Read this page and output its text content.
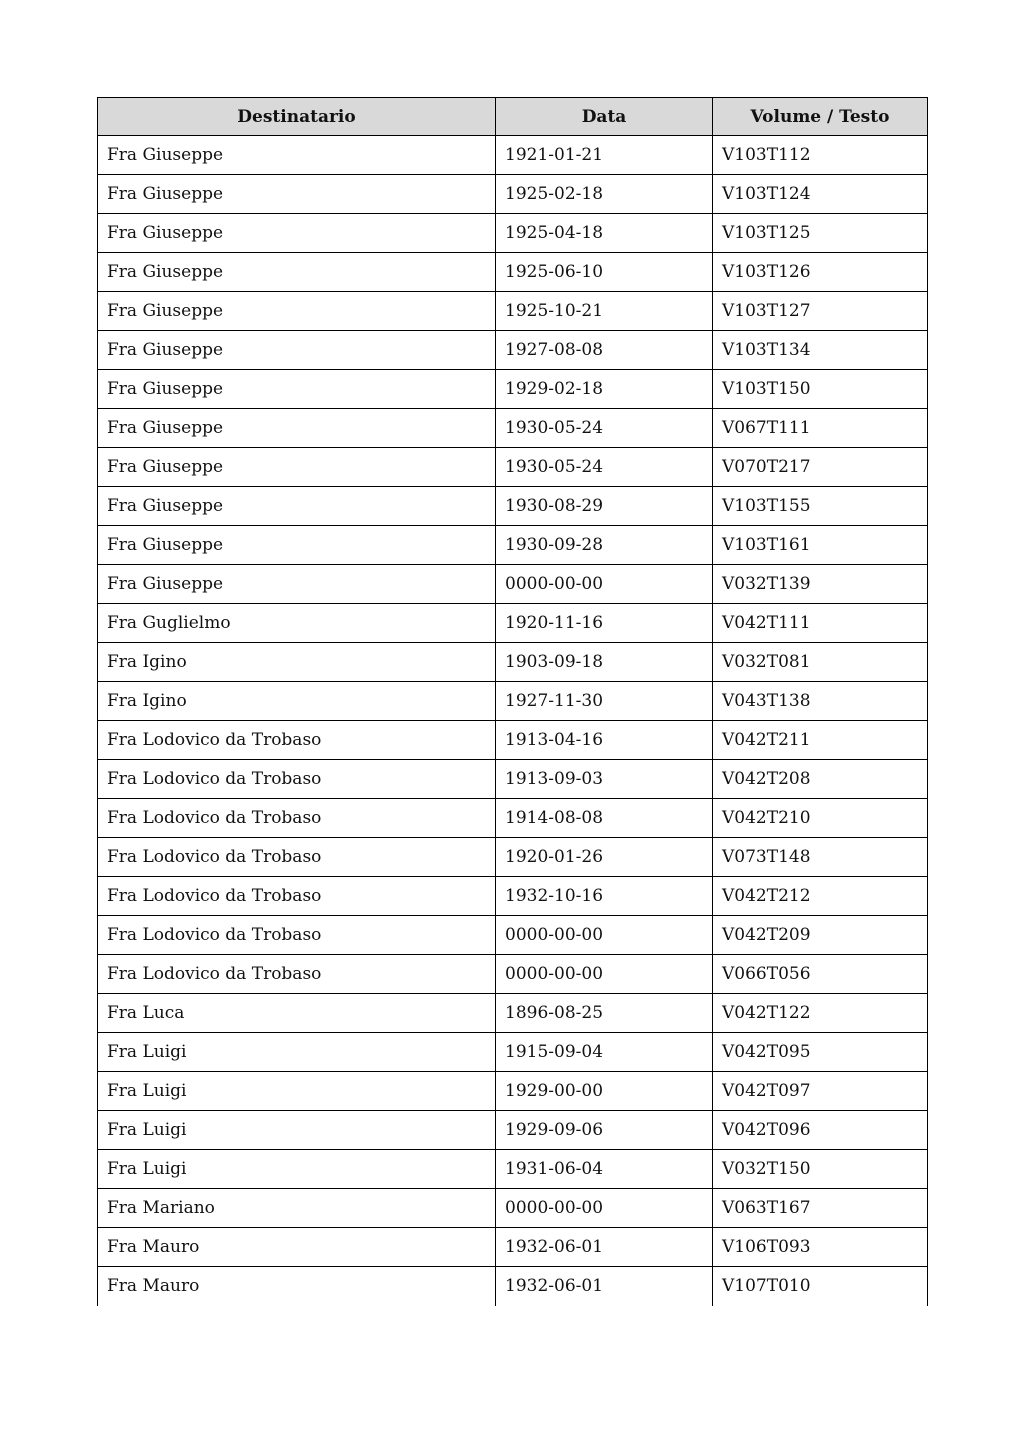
Destinatario	Data	Volume / Testo
Fra Giuseppe	1921-01-21	V103T112
Fra Giuseppe	1925-02-18	V103T124
Fra Giuseppe	1925-04-18	V103T125
Fra Giuseppe	1925-06-10	V103T126
Fra Giuseppe	1925-10-21	V103T127
Fra Giuseppe	1927-08-08	V103T134
Fra Giuseppe	1929-02-18	V103T150
Fra Giuseppe	1930-05-24	V067T111
Fra Giuseppe	1930-05-24	V070T217
Fra Giuseppe	1930-08-29	V103T155
Fra Giuseppe	1930-09-28	V103T161
Fra Giuseppe	0000-00-00	V032T139
Fra Guglielmo	1920-11-16	V042T111
Fra Igino	1903-09-18	V032T081
Fra Igino	1927-11-30	V043T138
Fra Lodovico da Trobaso	1913-04-16	V042T211
Fra Lodovico da Trobaso	1913-09-03	V042T208
Fra Lodovico da Trobaso	1914-08-08	V042T210
Fra Lodovico da Trobaso	1920-01-26	V073T148
Fra Lodovico da Trobaso	1932-10-16	V042T212
Fra Lodovico da Trobaso	0000-00-00	V042T209
Fra Lodovico da Trobaso	0000-00-00	V066T056
Fra Luca	1896-08-25	V042T122
Fra Luigi	1915-09-04	V042T095
Fra Luigi	1929-00-00	V042T097
Fra Luigi	1929-09-06	V042T096
Fra Luigi	1931-06-04	V032T150
Fra Mariano	0000-00-00	V063T167
Fra Mauro	1932-06-01	V106T093
Fra Mauro	1932-06-01	V107T010
